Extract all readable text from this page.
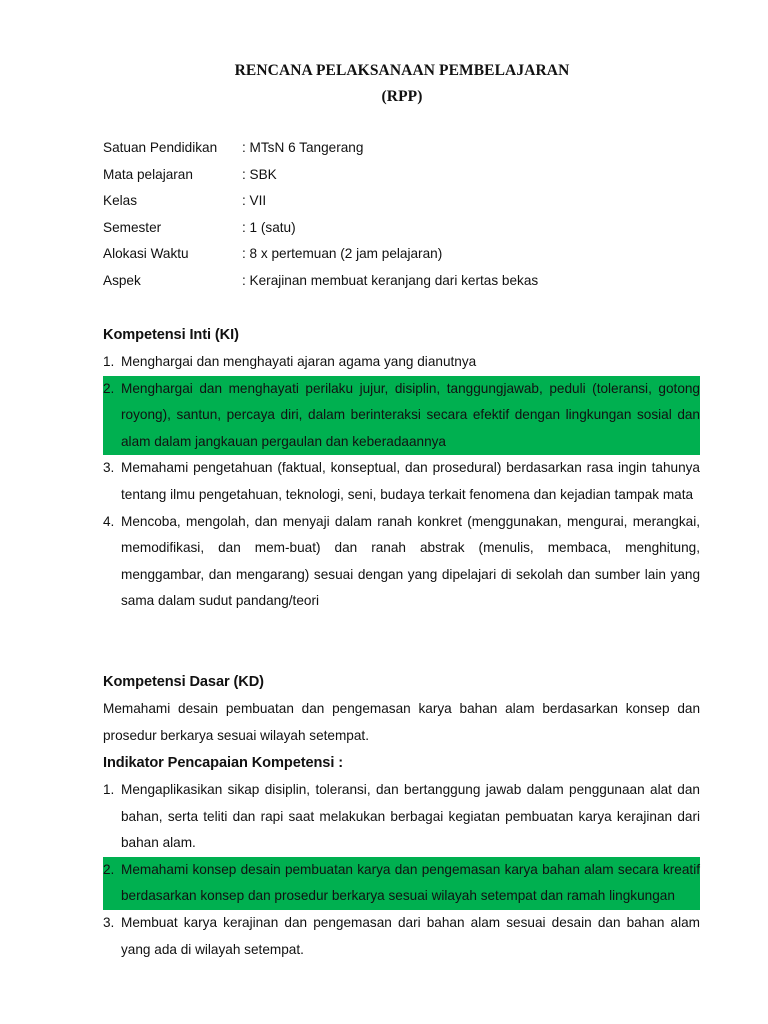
RENCANA PELAKSANAAN PEMBELAJARAN
(RPP)
Satuan Pendidikan : MTsN 6 Tangerang
Mata pelajaran	: SBK
Kelas	: VII
Semester	: 1 (satu)
Alokasi Waktu	: 8 x pertemuan (2 jam pelajaran)
Aspek	: Kerajinan membuat keranjang dari kertas bekas
Kompetensi Inti (KI)
1. Menghargai dan menghayati ajaran agama yang dianutnya
2. Menghargai dan menghayati perilaku jujur, disiplin, tanggungjawab, peduli (toleransi, gotong royong), santun, percaya diri, dalam berinteraksi secara efektif dengan lingkungan sosial dan alam dalam jangkauan pergaulan dan keberadaannya
3. Memahami pengetahuan (faktual, konseptual, dan prosedural) berdasarkan rasa ingin tahunya tentang ilmu pengetahuan, teknologi, seni, budaya terkait fenomena dan kejadian tampak mata
4. Mencoba, mengolah, dan menyaji dalam ranah konkret (menggunakan, mengurai, merangkai, memodifikasi, dan mem-buat) dan ranah abstrak (menulis, membaca, menghitung, menggambar, dan mengarang) sesuai dengan yang dipelajari di sekolah dan sumber lain yang sama dalam sudut pandang/teori
Kompetensi Dasar (KD)
Memahami desain pembuatan dan pengemasan karya bahan alam berdasarkan konsep dan prosedur berkarya sesuai wilayah setempat.
Indikator Pencapaian Kompetensi :
1. Mengaplikasikan sikap disiplin, toleransi, dan bertanggung jawab dalam penggunaan alat dan bahan, serta teliti dan rapi saat melakukan berbagai kegiatan pembuatan karya kerajinan dari bahan alam.
2. Memahami konsep desain pembuatan karya dan pengemasan karya bahan alam secara kreatif berdasarkan konsep dan prosedur berkarya sesuai wilayah setempat dan ramah lingkungan
3. Membuat karya kerajinan dan pengemasan dari bahan alam sesuai desain dan bahan alam yang ada di wilayah setempat.
